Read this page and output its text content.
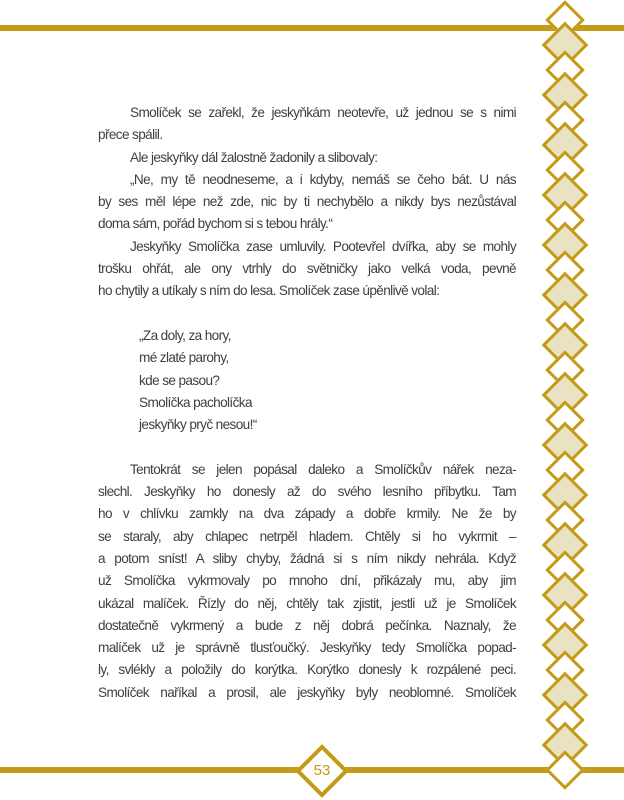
Smolíček se zařekl, že jeskyňkám neotevře, už jednou se s nimi
přece spálil.
Ale jeskyňky dál žalostně žadonily a slibovaly:
„Ne, my tě neodneseme, a i kdyby, nemáš se čeho bát. U nás
by ses měl lépe než zde, nic by ti nechybělo a nikdy bys nezůstával
doma sám, pořád bychom si s tebou hrály.“
Jeskyňky Smolíčka zase umluvily. Pootevřel dvířka, aby se mohly
trošku ohřát, ale ony vtrhly do světničky jako velká voda, pevně
ho chytily a utíkaly s ním do lesa. Smolíček zase úpěnlivě volal:
„Za doly, za hory,
mé zlaté parohy,
kde se pasou?
Smolíčka pacholíčka
jeskyňky pryč nesou!“
Tentokrát se jelen popásal daleko a Smolíčkův nářek neza-
slechl. Jeskyňky ho donesly až do svého lesního příbytku. Tam
ho v chlívku zamkly na dva západy a dobře krmily. Ne že by
se staraly, aby chlapec netrpěl hladem. Chtěly si ho vykrmit –
a potom sníst! A sliby chyby, žádná si s ním nikdy nehrála. Když
už Smolíčka vykrmovaly po mnoho dní, přikázaly mu, aby jim
ukázal malíček. Řízly do něj, chtěly tak zjistit, jestli už je Smolíček
dostatečně vykrmený a bude z něj dobrá pečínka. Naznaly, že
malíček už je správně tlusťoučký. Jeskyňky tedy Smolíčka popad-
ly, svlékly a položily do korýtka. Korýtko donesly k rozpálené peci.
Smolíček naříkal a prosil, ale jeskyňky byly neoblomné. Smolíček
53
